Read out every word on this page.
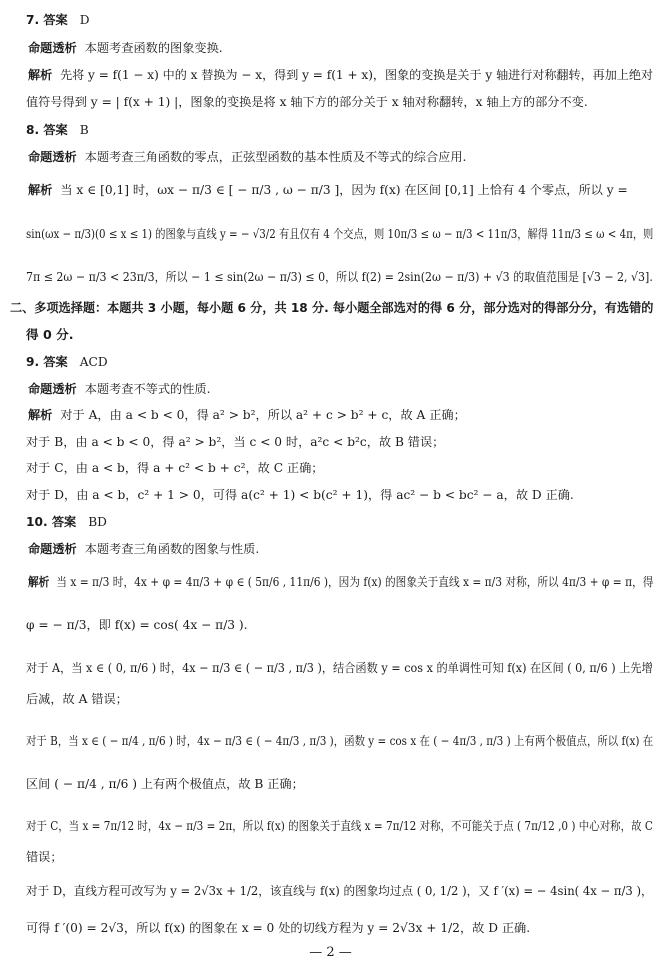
7. 答案 D
命题透析 本题考查函数的图象变换.
解析 先将 y = f(1 − x) 中的 x 替换为 − x，得到 y = f(1 + x)，图象的变换是关于 y 轴进行对称翻转，再加上绝对
值符号得到 y = | f(x + 1) |，图象的变换是将 x 轴下方的部分关于 x 轴对称翻转，x 轴上方的部分不变.
8. 答案 B
命题透析 本题考查三角函数的零点，正弦型函数的基本性质及不等式的综合应用.
解析 当 x ∈ [0,1] 时，ωx − π/3 ∈ [ − π/3 , ω − π/3 ]，因为 f(x) 在区间 [0,1] 上恰有 4 个零点，所以 y =
sin(ωx − π/3)(0 ≤ x ≤ 1) 的图象与直线 y = − √3/2 有且仅有 4 个交点，则 10π/3 ≤ ω − π/3 < 11π/3，解得 11π/3 ≤ ω < 4π，则
7π ≤ 2ω − π/3 < 23π/3，所以 − 1 ≤ sin(2ω − π/3) ≤ 0，所以 f(2) = 2sin(2ω − π/3) + √3 的取值范围是 [√3 − 2, √3].
二、多项选择题：本题共 3 小题，每小题 6 分，共 18 分. 每小题全部选对的得 6 分，部分选对的得部分分，有选错的
得 0 分.
9. 答案 ACD
命题透析 本题考查不等式的性质.
解析 对于 A，由 a < b < 0，得 a² > b²，所以 a² + c > b² + c，故 A 正确；
对于 B，由 a < b < 0，得 a² > b²，当 c < 0 时，a²c < b²c，故 B 错误；
对于 C，由 a < b，得 a + c² < b + c²，故 C 正确；
对于 D，由 a < b，c² + 1 > 0，可得 a(c² + 1) < b(c² + 1)，得 ac² − b < bc² − a，故 D 正确.
10. 答案 BD
命题透析 本题考查三角函数的图象与性质.
解析 当 x = π/3 时，4x + φ = 4π/3 + φ ∈ ( 5π/6 , 11π/6 )，因为 f(x) 的图象关于直线 x = π/3 对称，所以 4π/3 + φ = π，得
φ = − π/3，即 f(x) = cos( 4x − π/3 ).
对于 A，当 x ∈ ( 0, π/6 ) 时，4x − π/3 ∈ ( − π/3 , π/3 )，结合函数 y = cos x 的单调性可知 f(x) 在区间 ( 0, π/6 ) 上先增
后减，故 A 错误；
对于 B，当 x ∈ ( − π/4 , π/6 ) 时，4x − π/3 ∈ ( − 4π/3 , π/3 )，函数 y = cos x 在 ( − 4π/3 , π/3 ) 上有两个极值点，所以 f(x) 在
区间 ( − π/4 , π/6 ) 上有两个极值点，故 B 正确；
对于 C，当 x = 7π/12 时，4x − π/3 = 2π，所以 f(x) 的图象关于直线 x = 7π/12 对称，不可能关于点 ( 7π/12 ,0 ) 中心对称，故 C
错误；
对于 D，直线方程可改写为 y = 2√3x + 1/2，该直线与 f(x) 的图象均过点 ( 0, 1/2 )，又 f ′(x) = − 4sin( 4x − π/3 )，
可得 f ′(0) = 2√3，所以 f(x) 的图象在 x = 0 处的切线方程为 y = 2√3x + 1/2，故 D 正确.
— 2 —
